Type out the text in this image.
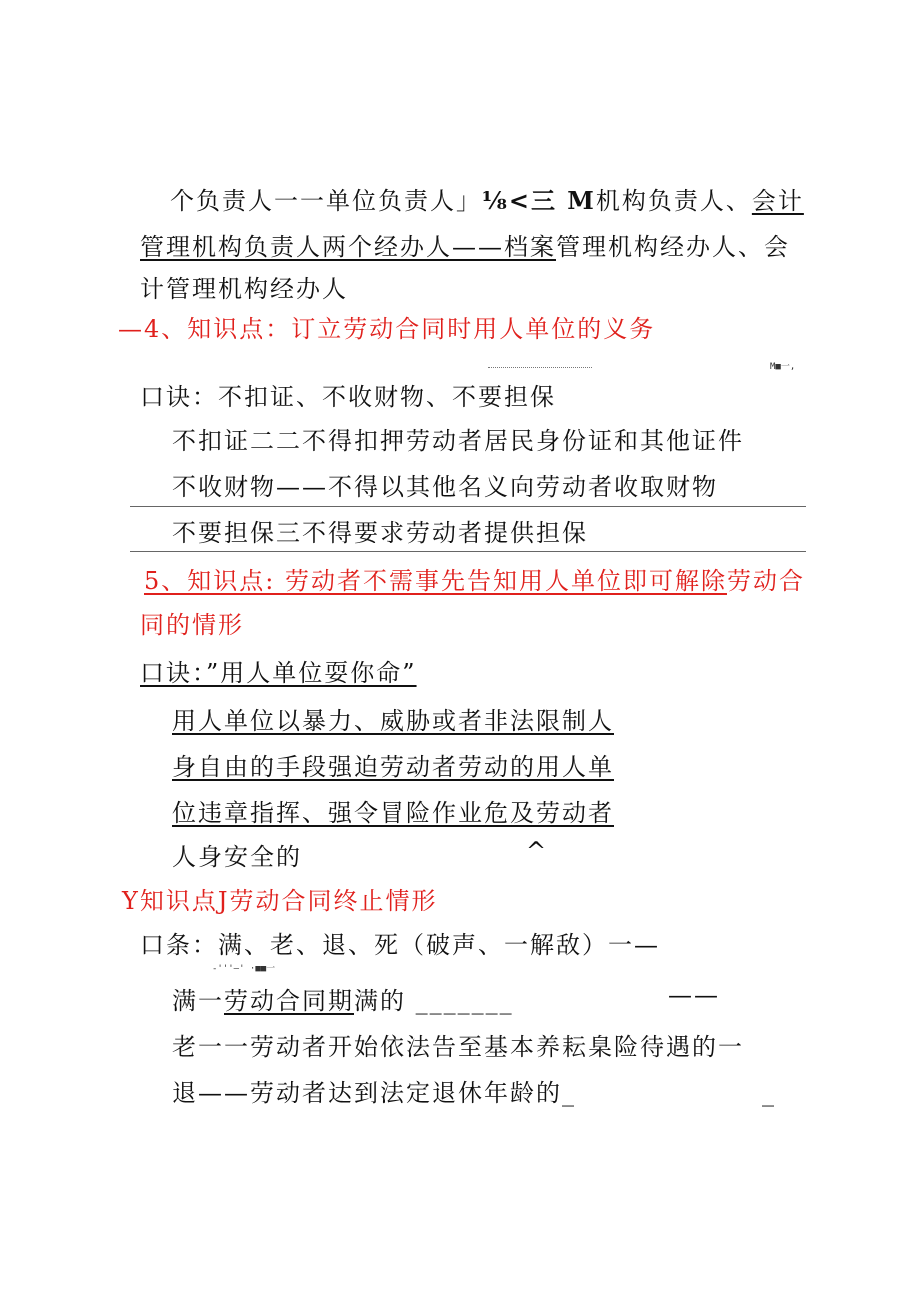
个负责人一一单位负责人」⅛<三 M机构负责人、会计
管理机构负责人两个经办人——档案管理机构经办人、会
计管理机构经办人
—4、知识点：订立劳动合同时用人单位的义务
M■一,
口诀：不扣证、不收财物、不要担保
不扣证二二不得扣押劳动者居民身份证和其他证件
不收财物——不得以其他名义向劳动者收取财物
不要担保三不得要求劳动者提供担保
5、知识点: 劳动者不需事先告知用人单位即可解除劳动合
同的情形
口诀：”用人单位耍你命”
用人单位以暴力、威胁或者非法限制人
身自由的手段强迫劳动者劳动的用人单
位违章指挥、强令冒险作业危及劳动者
人身安全的	^
Y知识点J劳动合同终止情形
口条：满、老、退、死（破声、一解敌）一—
-'''—' ·■■一
满一劳动合同期满的 _______	——
老一一劳动者开始依法告至基本养耘臬险待遇的一
退——劳动者达到法定退休年龄的_	_
